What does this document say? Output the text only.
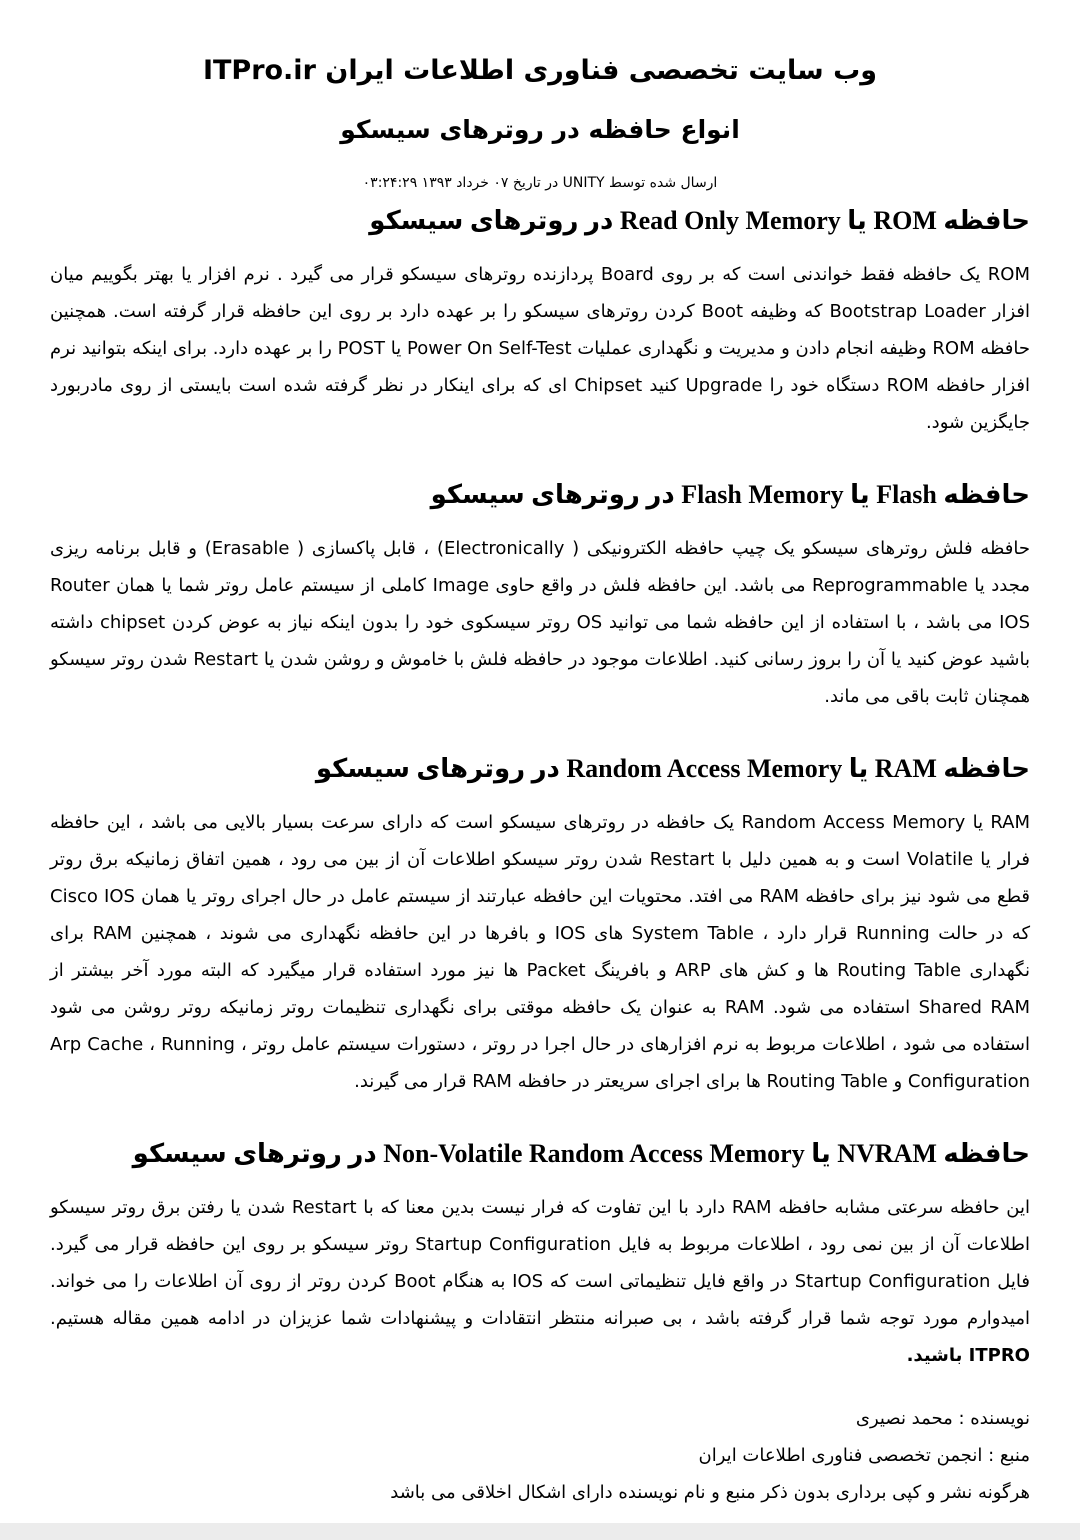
وب سایت تخصصی فناوری اطلاعات ایران ITPro.ir
انواع حافظه در روترهای سیسکو
ارسال شده توسط UNITY در تاریخ ۰۷ خرداد ۱۳۹۳ ۰۳:۲۴:۲۹
حافظه ROM یا Read Only Memory در روترهای سیسکو

ROM یک حافظه فقط خواندنی است که بر روی Board پردازنده روترهای سیسکو قرار می گیرد . نرم افزار یا بهتر بگوییم میان افزار Bootstrap Loader که وظیفه Boot کردن روترهای سیسکو را بر عهده دارد بر روی این حافظه قرار گرفته است. همچنین حافظه ROM وظیفه انجام دادن و مدیریت و نگهداری عملیات Power On Self-Test یا POST را بر عهده دارد. برای اینکه بتوانید نرم افزار حافظه ROM دستگاه خود را Upgrade کنید Chipset ای که برای اینکار در نظر گرفته شده است بایستی از روی مادربورد جایگزین شود.

حافظه Flash یا Flash Memory در روترهای سیسکو

حافظه فلش روترهای سیسکو یک چیپ حافظه الکترونیکی ( Electronically) ، قابل پاکسازی ( Erasable) و قابل برنامه ریزی مجدد یا Reprogrammable می باشد. این حافظه فلش در واقع حاوی Image کاملی از سیستم عامل روتر شما یا همان Router IOS می باشد ، با استفاده از این حافظه شما می توانید OS روتر سیسکوی خود را بدون اینکه نیاز به عوض کردن chipset داشته باشید عوض کنید یا آن را بروز رسانی کنید. اطلاعات موجود در حافظه فلش با خاموش و روشن شدن یا Restart شدن روتر سیسکو همچنان ثابت باقی می ماند.

حافظه RAM یا Random Access Memory در روترهای سیسکو

RAM یا Random Access Memory یک حافظه در روترهای سیسکو است که دارای سرعت بسیار بالایی می باشد ، این حافظه فرار یا Volatile است و به همین دلیل با Restart شدن روتر سیسکو اطلاعات آن از بین می رود ، همین اتفاق زمانیکه برق روتر قطع می شود نیز برای حافظه RAM می افتد. محتویات این حافظه عبارتند از سیستم عامل در حال اجرای روتر یا همان Cisco IOS که در حالت Running قرار دارد ، System Table های IOS و بافرها در این حافظه نگهداری می شوند ، همچنین RAM برای نگهداری Routing Table ها و کش های ARP و بافرینگ Packet ها نیز مورد استفاده قرار میگیرد که البته مورد آخر بیشتر از Shared RAM استفاده می شود. RAM به عنوان یک حافظه موقتی برای نگهداری تنظیمات روتر زمانیکه روتر روشن می شود استفاده می شود ، اطلاعات مربوط به نرم افزارهای در حال اجرا در روتر ، دستورات سیستم عامل روتر ، Arp Cache ، Running Configuration و Routing Table ها برای اجرای سریعتر در حافظه RAM قرار می گیرند.

حافظه NVRAM یا Non-Volatile Random Access Memory در روترهای سیسکو

این حافظه سرعتی مشابه حافظه RAM دارد با این تفاوت که فرار نیست بدین معنا که با Restart شدن یا رفتن برق روتر سیسکو اطلاعات آن از بین نمی رود ، اطلاعات مربوط به فایل Startup Configuration روتر سیسکو بر روی این حافظه قرار می گیرد. فایل Startup Configuration در واقع فایل تنظیماتی است که IOS به هنگام Boot کردن روتر از روی آن اطلاعات را می خواند. امیدوارم مورد توجه شما قرار گرفته باشد ، بی صبرانه منتظر انتقادات و پیشنهادات شما عزیزان در ادامه همین مقاله هستیم. ITPRO باشید.

نویسنده : محمد نصیری
منبع : انجمن تخصصی فناوری اطلاعات ایران
هرگونه نشر و کپی برداری بدون ذکر منبع و نام نویسنده دارای اشکال اخلاقی می باشد
